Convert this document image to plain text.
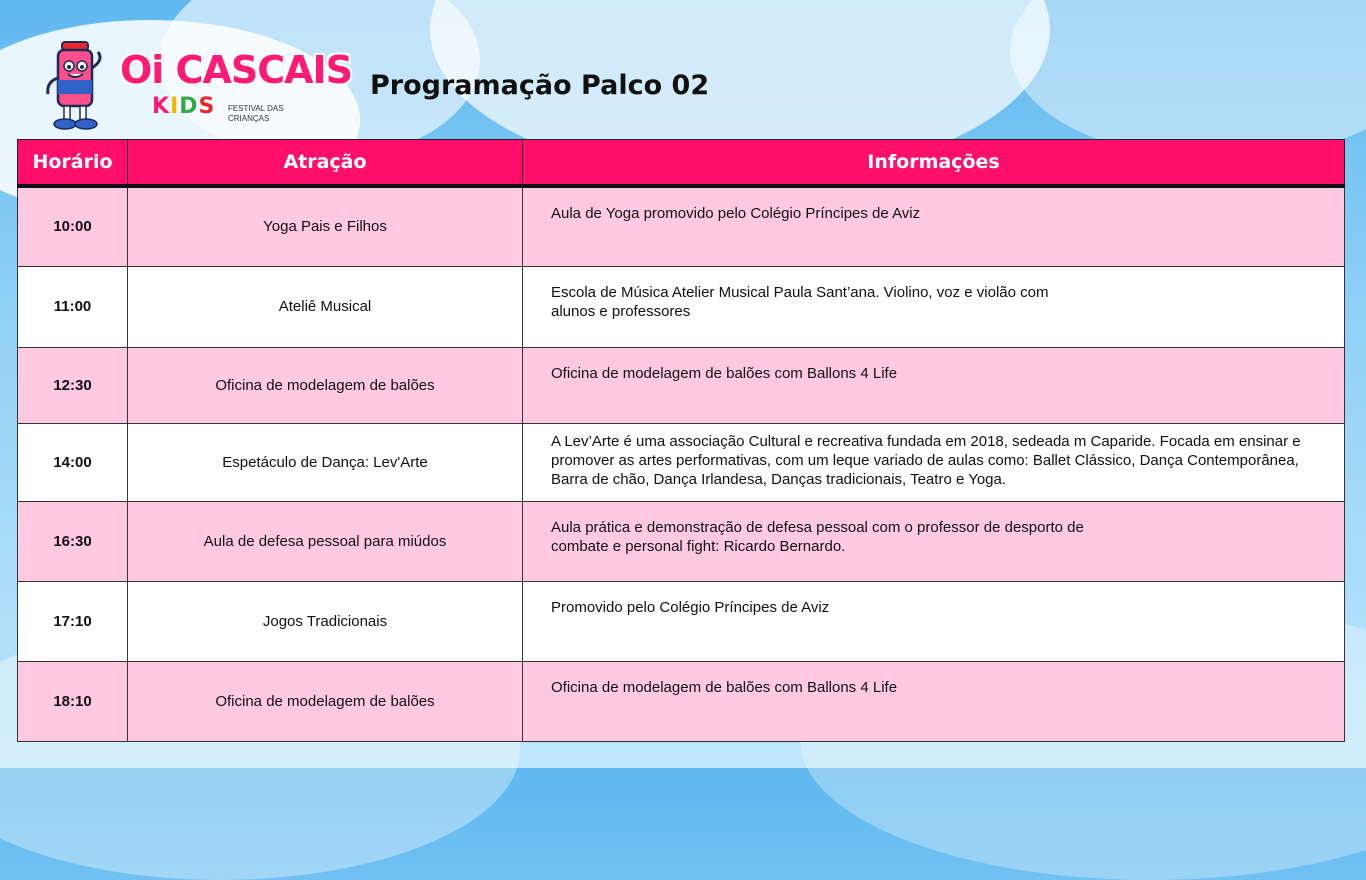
Oi CASCAIS
KIDS FESTIVAL DAS CRIANÇAS
Programação Palco 02
Horário	Atração	Informações
10:00	Yoga Pais e Filhos	Aula de Yoga promovido pelo Colégio Príncipes de Aviz
11:00	Ateliê Musical	Escola de Música Atelier Musical Paula Sant’ana. Violino, voz e violão com alunos e professores
12:30	Oficina de modelagem de balões	Oficina de modelagem de balões com Ballons 4 Life
14:00	Espetáculo de Dança: Lev'Arte	A Lev’Arte é uma associação Cultural e recreativa fundada em 2018, sedeada m Caparide. Focada em ensinar e promover as artes performativas, com um leque variado de aulas como: Ballet Clássico, Dança Contemporânea, Barra de chão, Dança Irlandesa, Danças tradicionais, Teatro e Yoga.
16:30	Aula de defesa pessoal para miúdos	Aula prática e demonstração de defesa pessoal com o professor de desporto de combate e personal fight: Ricardo Bernardo.
17:10	Jogos Tradicionais	Promovido pelo Colégio Príncipes de Aviz
18:10	Oficina de modelagem de balões	Oficina de modelagem de balões com Ballons 4 Life
